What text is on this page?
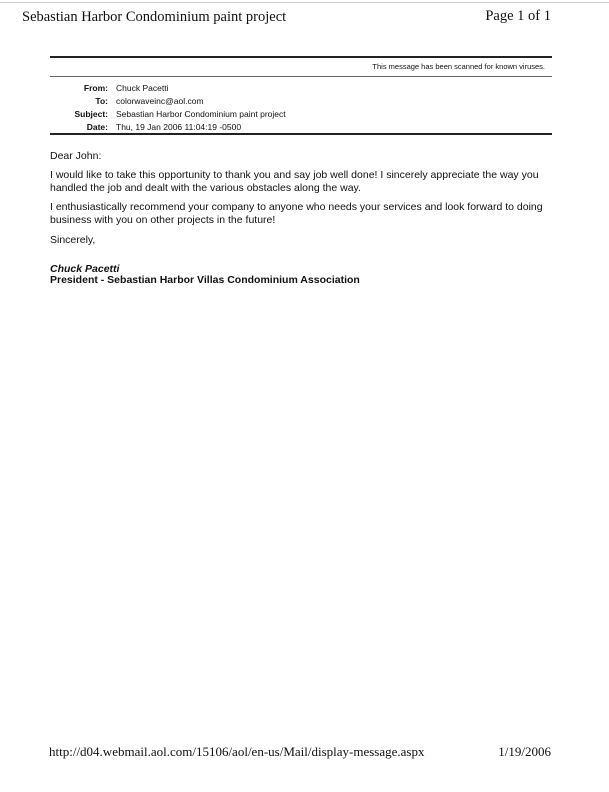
Sebastian Harbor Condominium paint project	Page 1 of 1
This message has been scanned for known viruses.
From: Chuck Pacetti
To: colorwaveinc@aol.com
Subject: Sebastian Harbor Condominium paint project
Date: Thu, 19 Jan 2006 11:04:19 -0500
Dear John:
I would like to take this opportunity to thank you and say job well done! I sincerely appreciate the way you handled the job and dealt with the various obstacles along the way.
I enthusiastically recommend your company to anyone who needs your services and look forward to doing business with you on other projects in the future!
Sincerely,
Chuck Pacetti
President - Sebastian Harbor Villas Condominium Association
http://d04.webmail.aol.com/15106/aol/en-us/Mail/display-message.aspx	1/19/2006
